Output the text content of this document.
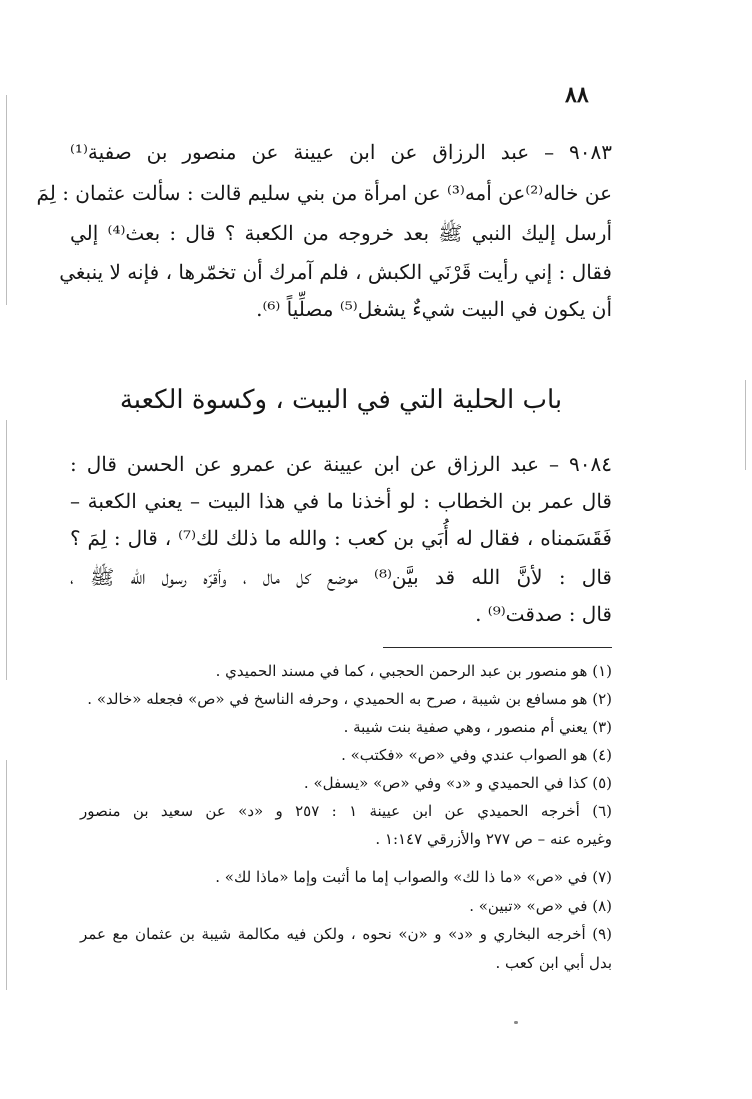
٨٨
٩٠٨٣ – عبد الرزاق عن ابن عيينة عن منصور بن صفية⁽¹⁾
عن خاله⁽²⁾عن أمه⁽³⁾ عن امرأة من بني سليم قالت : سألت عثمان : لِمَ
أرسل إليك النبي ﷺ بعد خروجه من الكعبة ؟ قال : بعث⁽⁴⁾ إلي
فقال : إني رأيت قَرْنَي الكبش ، فلم آمرك أن تخمّرها ، فإنه لا ينبغي
أن يكون في البيت شيءٌ يشغل⁽⁵⁾ مصلِّياً ⁽⁶⁾.
باب الحلية التي في البيت ، وكسوة الكعبة
٩٠٨٤ – عبد الرزاق عن ابن عيينة عن عمرو عن الحسن قال :
قال عمر بن الخطاب : لو أخذنا ما في هذا البيت – يعني الكعبة –
فَقَسَمناه ، فقال له أُبَي بن كعب : والله ما ذلك لك⁽⁷⁾ ، قال : لِمَ ؟
قال : لأنَّ الله قد بيَّن⁽⁸⁾ موضع كل مال ، وأقرّه رسول الله ﷺ ،
قال : صدقت⁽⁹⁾ .
(١) هو منصور بن عبد الرحمن الحجبي ، كما في مسند الحميدي .
(٢) هو مسافع بن شيبة ، صرح به الحميدي ، وحرفه الناسخ في «ص» فجعله «خالد» .
(٣) يعني أم منصور ، وهي صفية بنت شيبة .
(٤) هو الصواب عندي وفي «ص» «فكتب» .
(٥) كذا في الحميدي و «د» وفي «ص» «يسفل» .
(٦) أخرجه الحميدي عن ابن عيينة ١ : ٢٥٧ و «د» عن سعيد بن منصور
وغيره عنه – ص ٢٧٧ والأزرقي ١:١٤٧ .
(٧) في «ص» «ما ذا لك» والصواب إما ما أثبت وإما «ماذا لك» .
(٨) في «ص» «تبين» .
(٩) أخرجه البخاري و «د» و «ن» نحوه ، ولكن فيه مكالمة شيبة بن عثمان مع عمر
بدل أبي ابن كعب .
